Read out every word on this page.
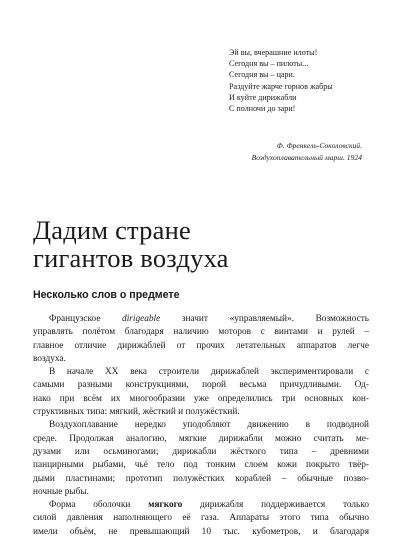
Эй вы, вчерашние илоты!
Сегодня вы – пилоты...
Сегодня вы – цари.
Раздуйте жарче горнов жабры
И куйте дирижабли
С полночи до зари!
Ф. Френкель-Соколовский.
Воздухоплавательный марш. 1924
Дадим стране
гигантов воздуха
Несколько слов о предмете
Французское dirigeable значит «управляемый». Возможность
управлять полётом благодаря наличию моторов с винтами и рулей –
главное отличие дирижаблей от прочих летательных аппаратов легче
воздуха.
В начале XX века строители дирижаблей экспериментировали с
самыми разными конструкциями, порой весьма причудливыми. Од-
нако при всём их многообразии уже определились три основных кон-
структивных типа: мягкий, жёсткий и полужёсткий.
Воздухоплавание нередко уподобляют движению в подводной
среде. Продолжая аналогию, мягкие дирижабли можно считать ме-
дузами или осьминогами; дирижабли жёсткого типа – древними
панцирными рыбами, чьё тело под тонким слоем кожи покрыто твёр-
дыми пластинами; прототип полужёстких кораблей – обычные позво-
ночные рыбы.
Форма оболочки мягкого дирижабля поддерживается только
силой давления наполняющего её газа. Аппараты этого типа обычно
имели объём, не превышающий 10 тыс. кубометров, и благодаря
